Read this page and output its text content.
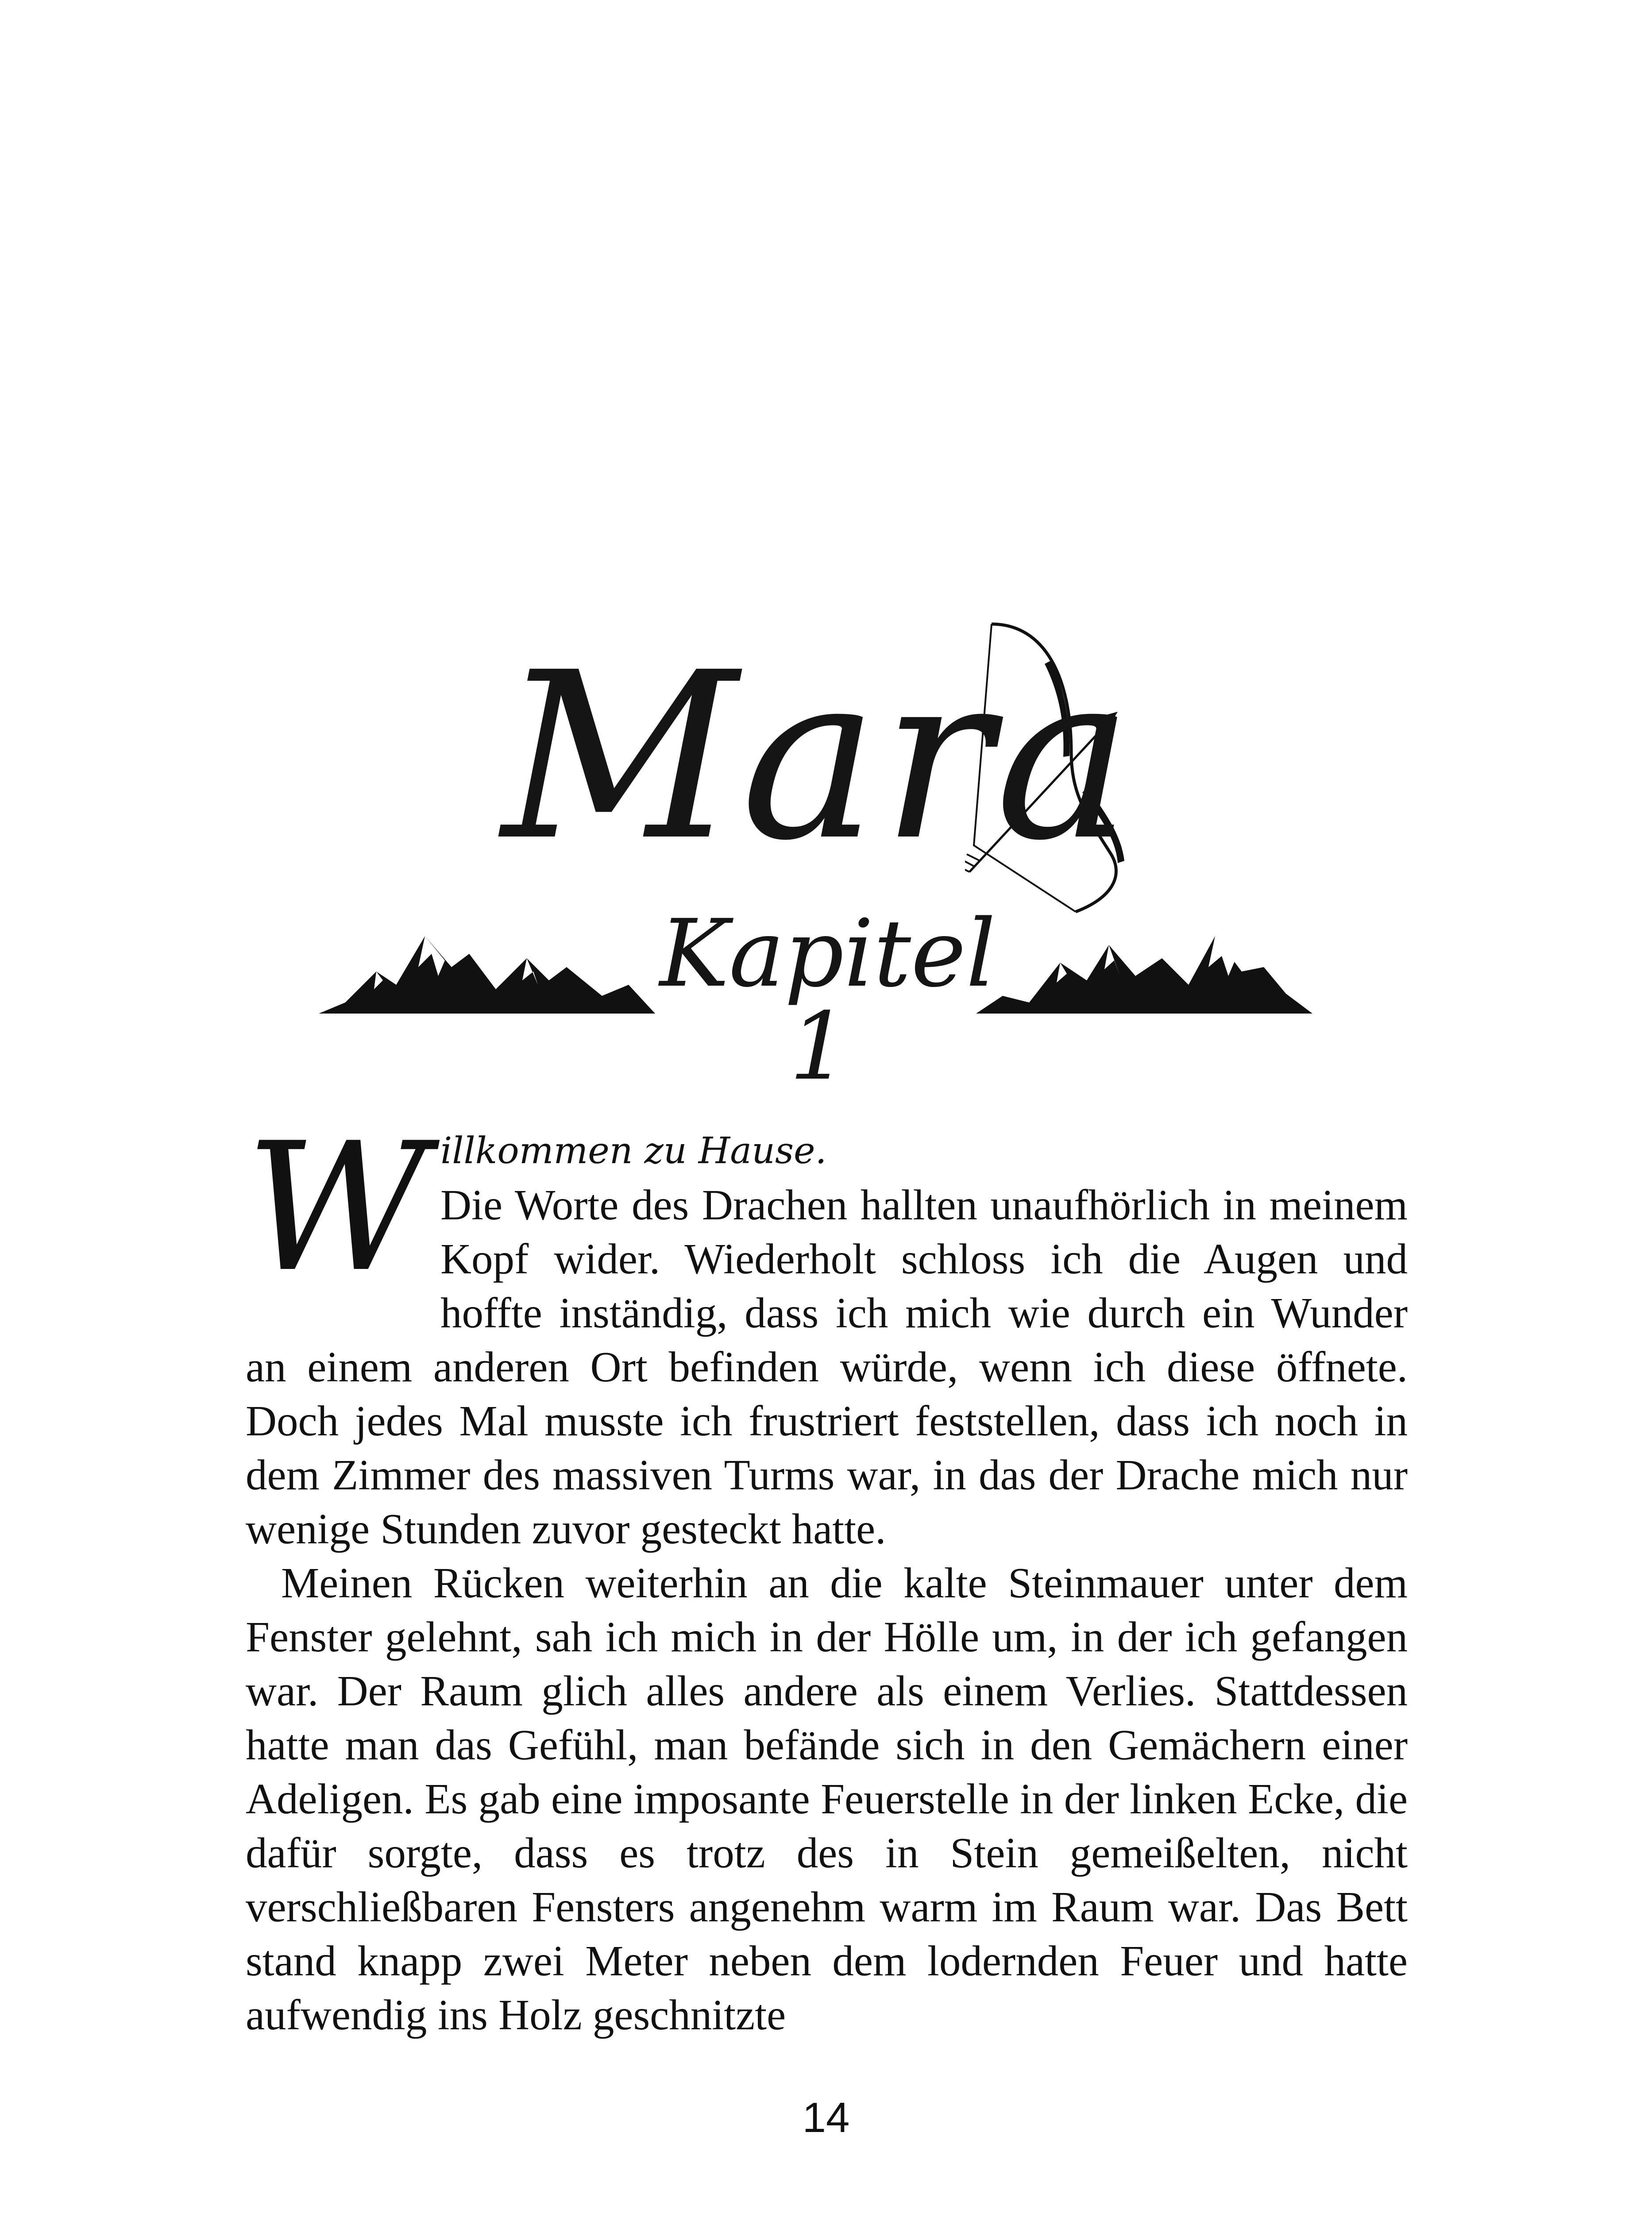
Mara
Kapitel 1
W illkommen zu Hause.

Die Worte des Drachen hallten unaufhörlich in meinem Kopf wider. Wiederholt schloss ich die Augen und hoffte inständig, dass ich mich wie durch ein Wunder an einem anderen Ort befinden würde, wenn ich diese öffnete. Doch jedes Mal musste ich frustriert feststellen, dass ich noch in dem Zimmer des massiven Turms war, in das der Drache mich nur wenige Stunden zuvor gesteckt hatte.

Meinen Rücken weiterhin an die kalte Steinmauer unter dem Fenster gelehnt, sah ich mich in der Hölle um, in der ich gefangen war. Der Raum glich alles andere als einem Verlies. Stattdessen hatte man das Gefühl, man befände sich in den Gemächern einer Adeligen. Es gab eine imposante Feuerstelle in der linken Ecke, die dafür sorgte, dass es trotz des in Stein gemeißelten, nicht verschließbaren Fensters angenehm warm im Raum war. Das Bett stand knapp zwei Meter neben dem lodernden Feuer und hatte aufwendig ins Holz geschnitzte

14
